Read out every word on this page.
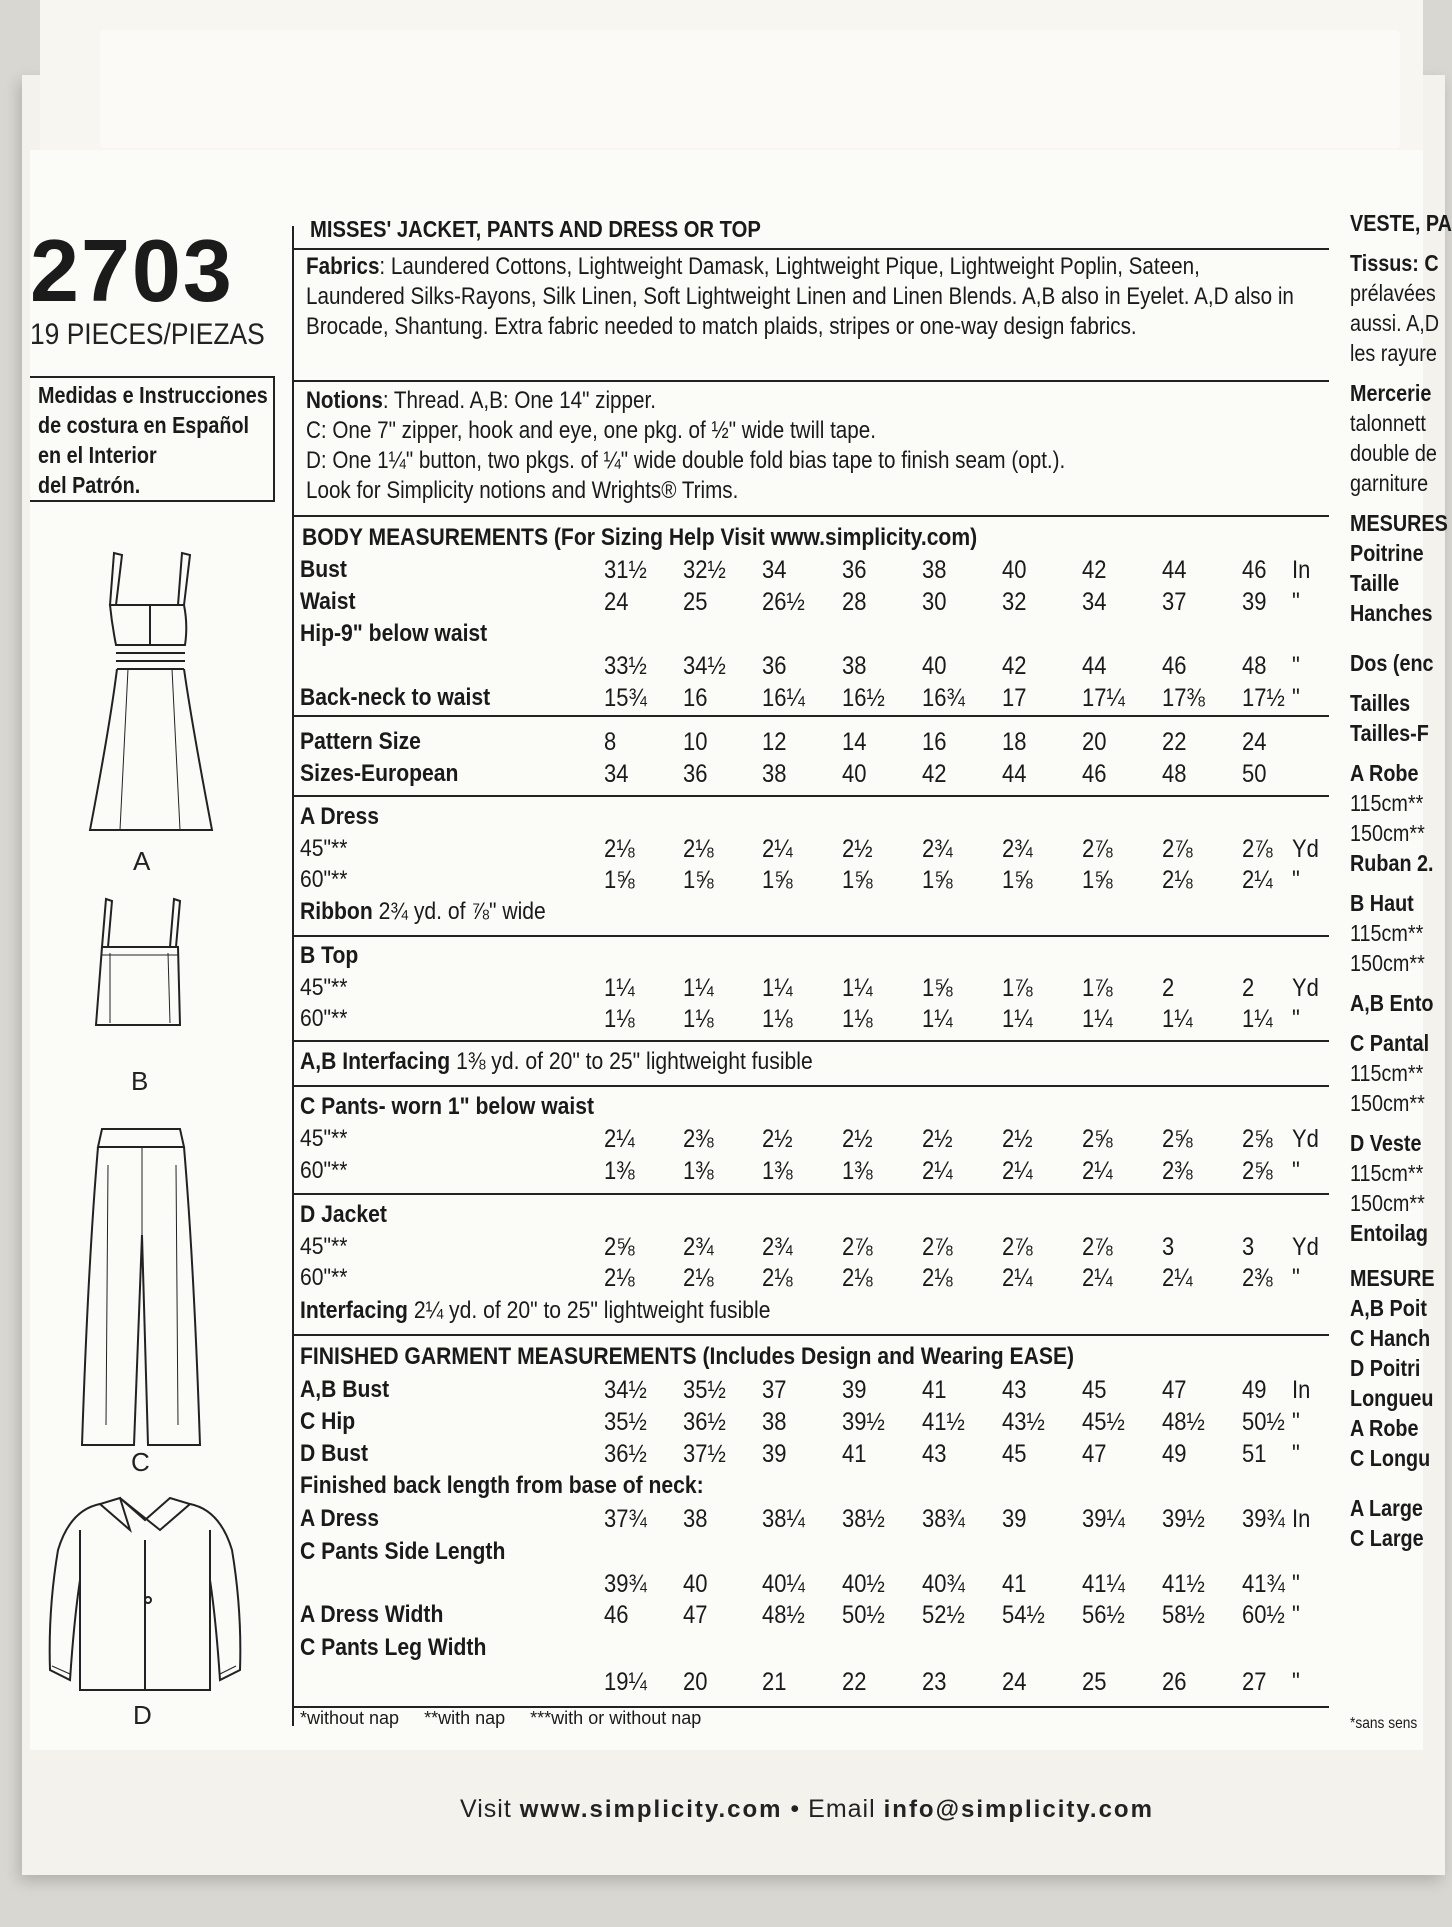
2703
19 PIECES/PIEZAS
Medidas e Instrucciones
de costura en Español
en el Interior
del Patrón.
A
B
C
D
MISSES' JACKET, PANTS AND DRESS OR TOP
Fabrics: Laundered Cottons, Lightweight Damask, Lightweight Pique, Lightweight Poplin, Sateen, Laundered Silks-Rayons, Silk Linen, Soft Lightweight Linen and Linen Blends. A,B also in Eyelet. A,D also in Brocade, Shantung. Extra fabric needed to match plaids, stripes or one-way design fabrics.
Notions: Thread. A,B: One 14" zipper.
C: One 7" zipper, hook and eye, one pkg. of ½" wide twill tape.
D: One 1¼" button, two pkgs. of ¼" wide double fold bias tape to finish seam (opt.).
Look for Simplicity notions and Wrights® Trims.
BODY MEASUREMENTS (For Sizing Help Visit www.simplicity.com)
Bust	31½ 32½ 34 36 38 40 42 44 46 In
Waist	24 25 26½ 28 30 32 34 37 39 "
Hip-9" below waist
33½ 34½ 36 38 40 42 44 46 48 "
Back-neck to waist	15¾ 16 16¼ 16½ 16¾ 17 17¼ 17⅜ 17½ "
Pattern Size	8	10 12 14 16 18 20 22 24
Sizes-European	34 36 38 40 42 44 46 48 50
A Dress
45"**	2⅛ 2⅛ 2¼ 2½ 2¾ 2¾ 2⅞ 2⅞ 2⅞ Yd
60"**	1⅝ 1⅝ 1⅝ 1⅝ 1⅝ 1⅝ 1⅝ 2⅛ 2¼ "
Ribbon 2¾ yd. of ⅞" wide
B Top
45"**	1¼ 1¼ 1¼ 1¼ 1⅝ 1⅞ 1⅞ 2	2 Yd
60"**	1⅛ 1⅛ 1⅛ 1⅛ 1¼ 1¼ 1¼ 1¼ 1¼ "
A,B Interfacing 1⅜ yd. of 20" to 25" lightweight fusible
C Pants- worn 1" below waist
45"**	2¼ 2⅜ 2½ 2½ 2½ 2½ 2⅝ 2⅝ 2⅝ Yd
60"**	1⅜ 1⅜ 1⅜ 1⅜ 2¼ 2¼ 2¼ 2⅜ 2⅝ "
D Jacket
45"**	2⅝ 2¾ 2¾ 2⅞ 2⅞ 2⅞ 2⅞ 3	3 Yd
60"**	2⅛ 2⅛ 2⅛ 2⅛ 2⅛ 2¼ 2¼ 2¼ 2⅜ "
Interfacing 2¼ yd. of 20" to 25" lightweight fusible
FINISHED GARMENT MEASUREMENTS (Includes Design and Wearing EASE)
A,B Bust	34½ 35½ 37 39 41 43 45 47 49 In
C Hip	35½ 36½ 38 39½ 41½ 43½ 45½ 48½ 50½ "
D Bust	36½ 37½ 39 41 43 45 47 49 51 "
Finished back length from base of neck:
A Dress	37¾ 38 38¼ 38½ 38¾ 39 39¼ 39½ 39¾ In
C Pants Side Length
39¾ 40 40¼ 40½ 40¾ 41 41¼ 41½ 41¾ "
A Dress Width	46 47 48½ 50½ 52½ 54½ 56½ 58½ 60½ "
C Pants Leg Width
19¼ 20 21 22 23 24 25 26 27 "
*without nap **with nap ***with or without nap
Visit www.simplicity.com • Email info@simplicity.com
VESTE, PA
Tissus: C
prélavées
aussi. A,D
les rayure
Mercerie
talonnett
double de
garniture
MESURES
Poitrine
Taille
Hanches
Dos (enc
Tailles
Tailles-F
A Robe
115cm**
150cm**
Ruban 2.
B Haut
115cm**
150cm**
A,B Ento
C Pantal
115cm**
150cm**
D Veste
115cm**
150cm**
Entoilag
MESURE
A,B Poit
C Hanch
D Poitri
Longueu
A Robe
C Longu
A Large
C Large
*sans sens
